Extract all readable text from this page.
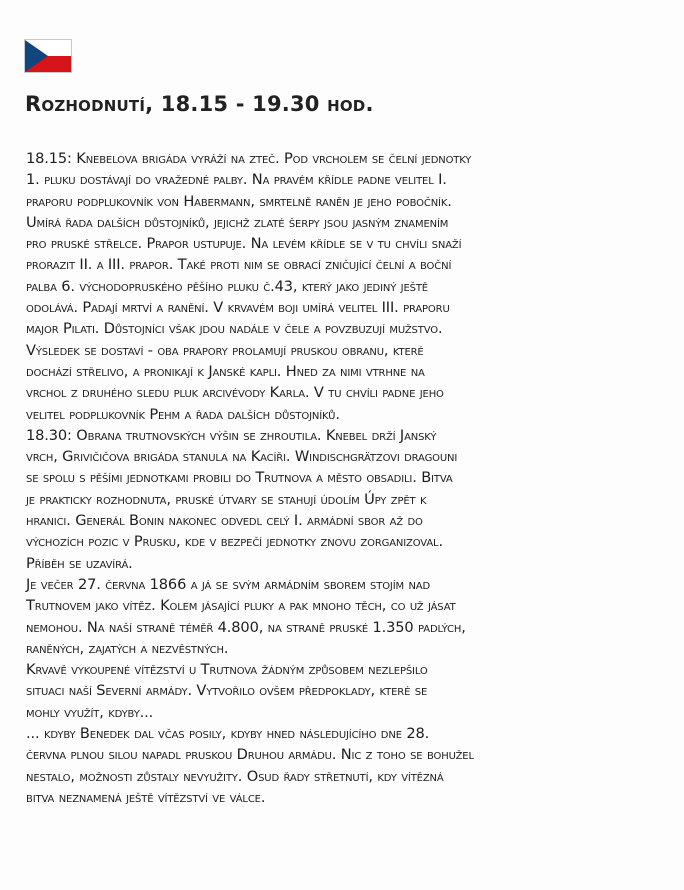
Rozhodnutí, 18.15 - 19.30 hod.
18.15: Knebelova brigáda vyráží na zteč. Pod vrcholem se čelní jednotky
1. pluku dostávají do vražedné palby. Na pravém křídle padne velitel I.
praporu podplukovník von Habermann, smrtelně raněn je jeho pobočník.
Umírá řada dalších důstojníků, jejichž zlaté šerpy jsou jasným znamením
pro pruské střelce. Prapor ustupuje. Na levém křídle se v tu chvíli snaží
prorazit II. a III. prapor. Také proti nim se obrací zničující čelní a boční
palba 6. východopruského pěšího pluku č.43, který jako jediný ještě
odolává. Padají mrtví a ranění. V krvavém boji umírá velitel III. praporu
major Pilati. Důstojníci však jdou nadále v čele a povzbuzují mužstvo.
Výsledek se dostaví - oba prapory prolamují pruskou obranu, které
dochází střelivo, a pronikají k Janské kapli. Hned za nimi vtrhne na
vrchol z druhého sledu pluk arcivévody Karla. V tu chvíli padne jeho
velitel podplukovník Pehm a řada dalších důstojníků.
18.30: Obrana trutnovských výšin se zhroutila. Knebel drží Janský
vrch, Grivičičova brigáda stanula na Kacíři. Windischgrätzovi dragouni
se spolu s pěšími jednotkami probili do Trutnova a město obsadili. Bitva
je prakticky rozhodnuta, pruské útvary se stahují údolím Úpy zpět k
hranici. Generál Bonin nakonec odvedl celý I. armádní sbor až do
výchozích pozic v Prusku, kde v bezpečí jednotky znovu zorganizoval.
Příběh se uzavírá.
Je večer 27. června 1866 a já se svým armádním sborem stojím nad
Trutnovem jako vítěz. Kolem jásající pluky a pak mnoho těch, co už jásat
nemohou. Na naší straně téměř 4.800, na straně pruské 1.350 padlých,
raněných, zajatých a nezvěstných.
Krvavě vykoupené vítězství u Trutnova žádným způsobem nezlepšilo
situaci naší Severní armády. Vytvořilo ovšem předpoklady, které se
mohly využít, kdyby...
... kdyby Benedek dal včas posily, kdyby hned následujícího dne 28.
června plnou silou napadl pruskou Druhou armádu. Nic z toho se bohužel
nestalo, možnosti zůstaly nevyužity. Osud řady střetnutí, kdy vítězná
bitva neznamená ještě vítězství ve válce.
